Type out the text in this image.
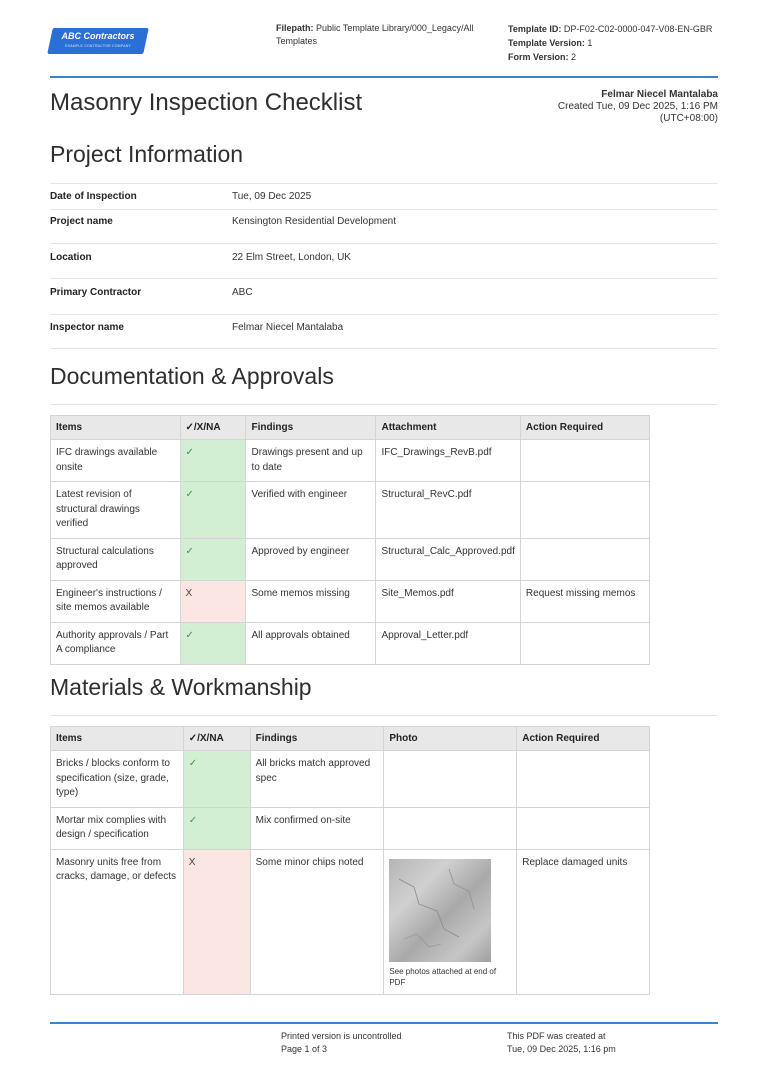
ABC Contractors
EXAMPLE CONTRACTOR COMPANY
Filepath: Public Template Library/000_Legacy/All Templates
Template ID: DP-F02-C02-0000-047-V08-EN-GBR
Template Version: 1
Form Version: 2
Masonry Inspection Checklist	Felmar Niecel Mantalaba
Created Tue, 09 Dec 2025, 1:16 PM
(UTC+08:00)
Project Information
Date of Inspection	Tue, 09 Dec 2025
Project name	Kensington Residential Development
Location	22 Elm Street, London, UK
Primary Contractor	ABC
Inspector name	Felmar Niecel Mantalaba
Documentation & Approvals
Items	✓/X/NA	Findings	Attachment	Action Required
IFC drawings available onsite	✓	Drawings present and up to date	IFC_Drawings_RevB.pdf	
Latest revision of structural drawings verified	✓	Verified with engineer	Structural_RevC.pdf	
Structural calculations approved	✓	Approved by engineer	Structural_Calc_Approved.pdf	
Engineer's instructions / site memos available	X	Some memos missing	Site_Memos.pdf	Request missing memos
Authority approvals / Part A compliance	✓	All approvals obtained	Approval_Letter.pdf	
Materials & Workmanship
Items	✓/X/NA	Findings	Photo	Action Required
Bricks / blocks conform to specification (size, grade, type)	✓	All bricks match approved spec		
Mortar mix complies with design / specification	✓	Mix confirmed on-site		
Masonry units free from cracks, damage, or defects	X	Some minor chips noted	See photos attached at end of PDF	Replace damaged units
Printed version is uncontrolled
Page 1 of 3
This PDF was created at
Tue, 09 Dec 2025, 1:16 pm
